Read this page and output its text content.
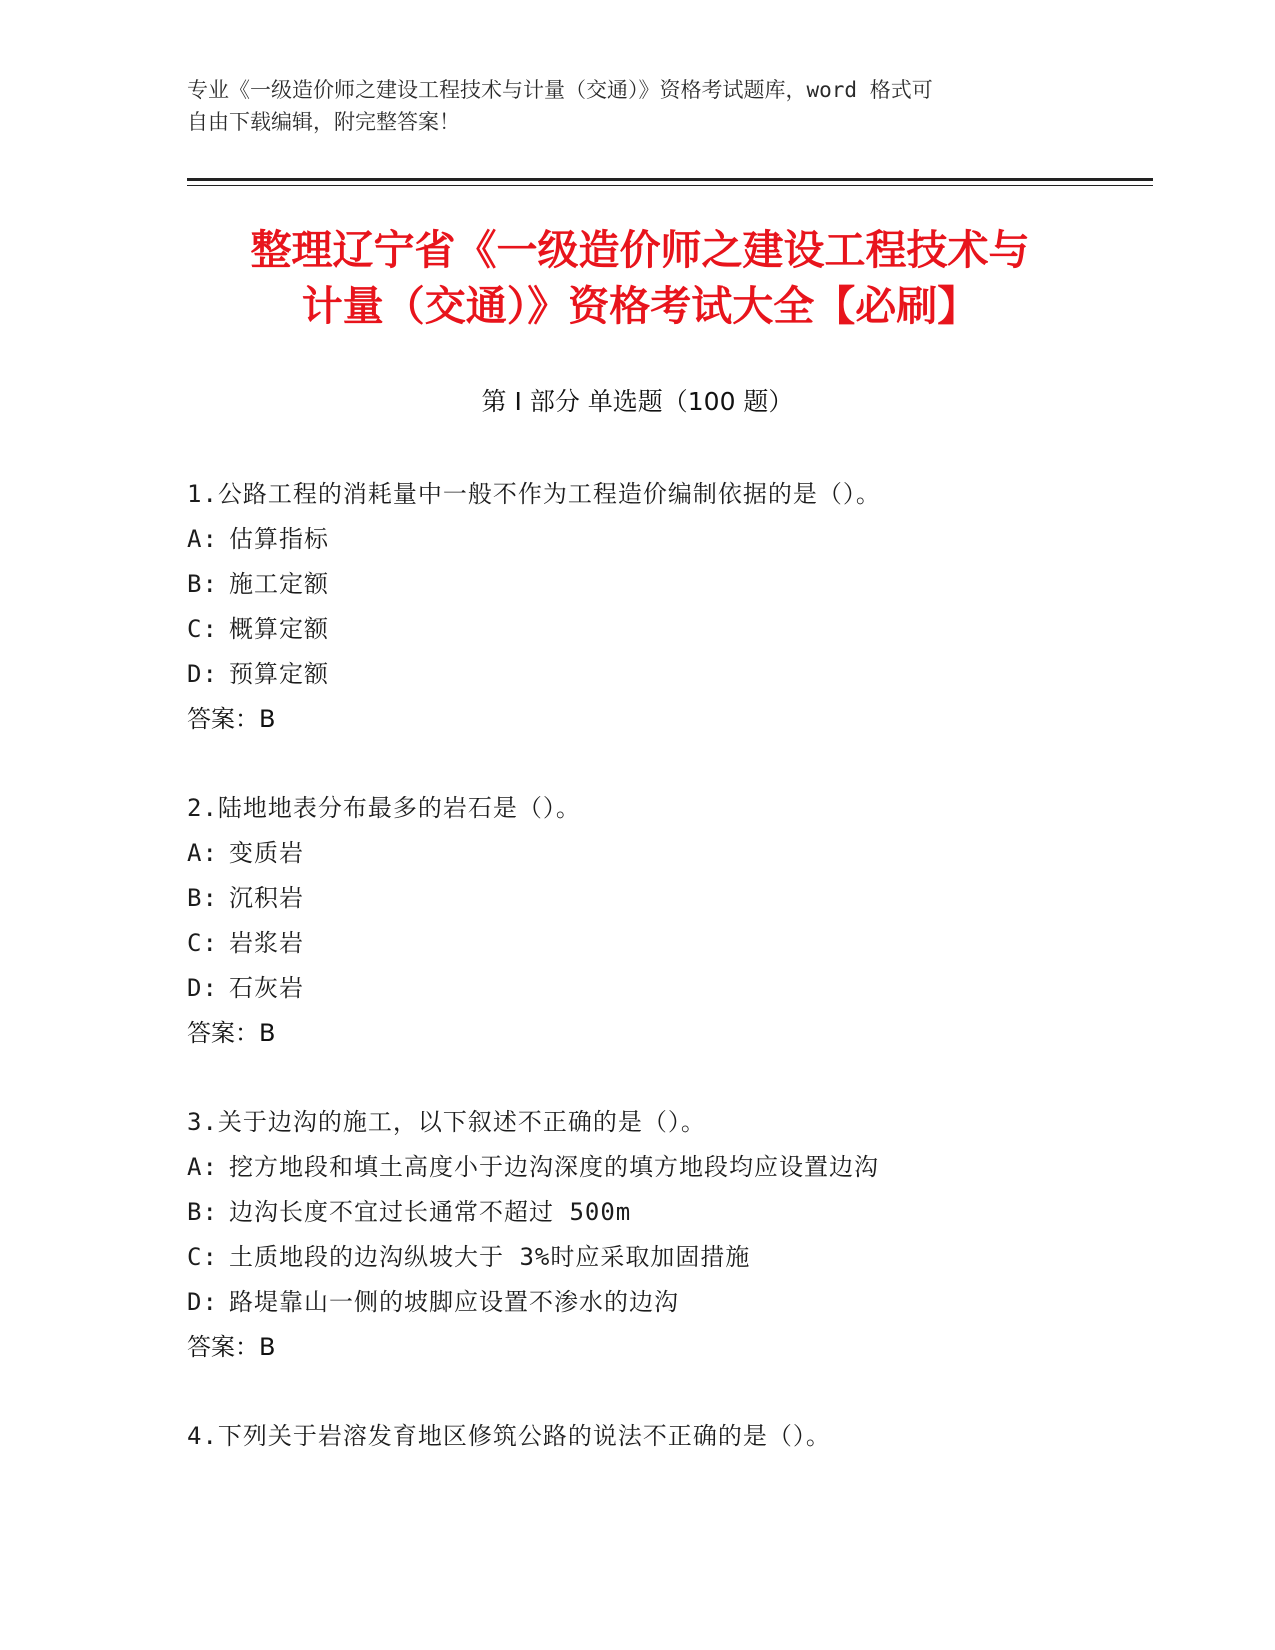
专业《一级造价师之建设工程技术与计量（交通）》资格考试题库，word 格式可
自由下载编辑，附完整答案！
整理辽宁省《一级造价师之建设工程技术与
计量（交通）》资格考试大全【必刷】
第 I 部分 单选题（100 题）
1.公路工程的消耗量中一般不作为工程造价编制依据的是（）。
A: 估算指标
B: 施工定额
C: 概算定额
D: 预算定额
答案：B
2.陆地地表分布最多的岩石是（）。
A: 变质岩
B: 沉积岩
C: 岩浆岩
D: 石灰岩
答案：B
3.关于边沟的施工，以下叙述不正确的是（）。
A: 挖方地段和填土高度小于边沟深度的填方地段均应设置边沟
B: 边沟长度不宜过长通常不超过 500m
C: 土质地段的边沟纵坡大于 3%时应采取加固措施
D: 路堤靠山一侧的坡脚应设置不渗水的边沟
答案：B
4.下列关于岩溶发育地区修筑公路的说法不正确的是（）。
